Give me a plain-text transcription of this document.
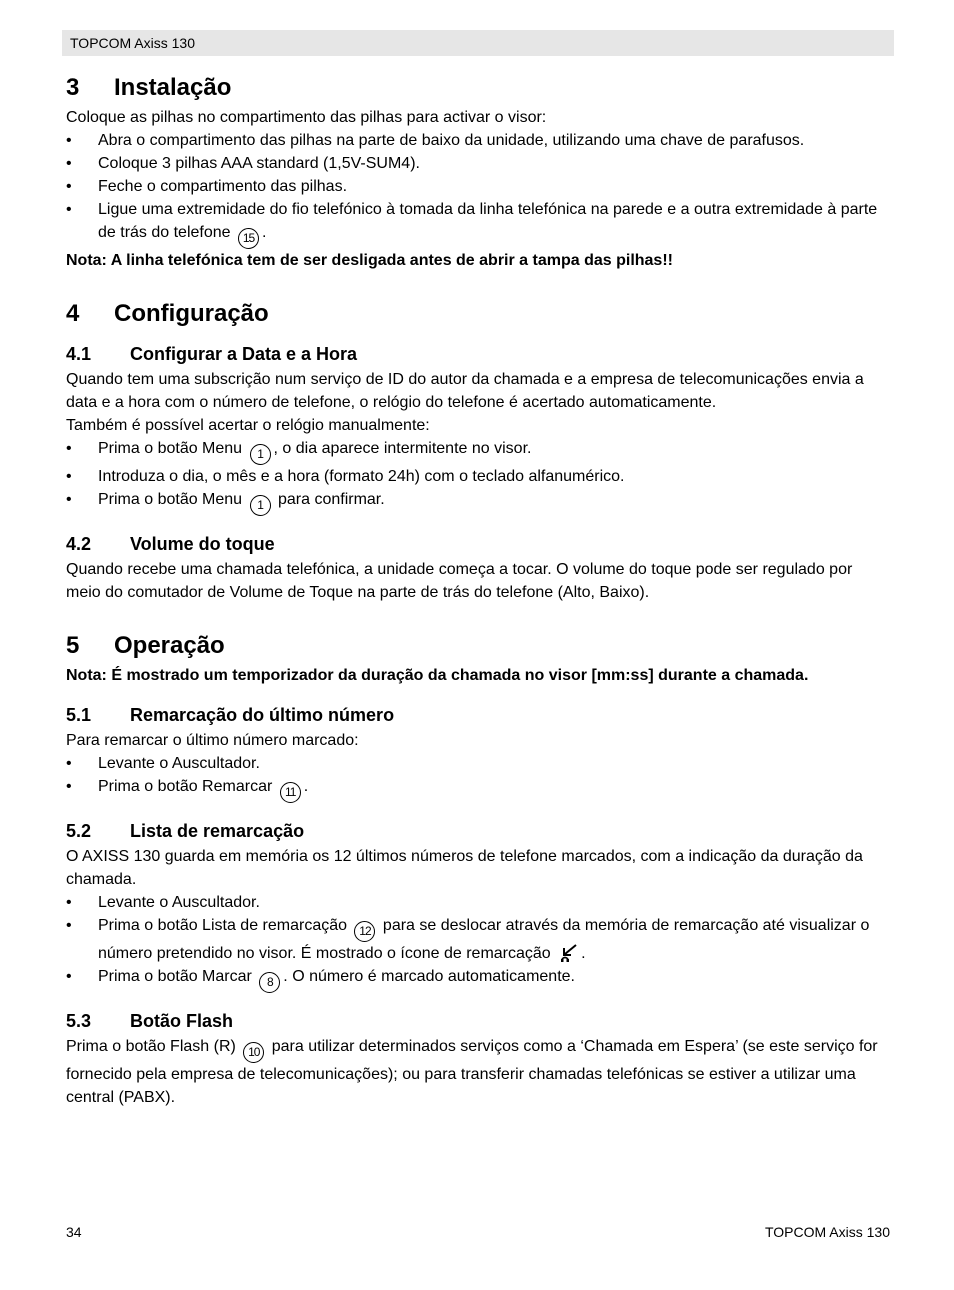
TOPCOM Axiss 130
3	Instalação

Coloque as pilhas no compartimento das pilhas para activar o visor:

• Abra o compartimento das pilhas na parte de baixo da unidade, utilizando uma chave de parafusos.
• Coloque 3 pilhas AAA standard (1,5V-SUM4).
• Feche o compartimento das pilhas.
• Ligue uma extremidade do fio telefónico à tomada da linha telefónica na parede e a outra extremidade à parte de trás do telefone 15 .

Nota: A linha telefónica tem de ser desligada antes de abrir a tampa das pilhas!!

4	Configuração
4.1	Configurar a Data e a Hora

Quando tem uma subscrição num serviço de ID do autor da chamada e a empresa de telecomunicações envia a data e a hora com o número de telefone, o relógio do telefone é acertado automaticamente.

Também é possível acertar o relógio manualmente:

• Prima o botão Menu 1 , o dia aparece intermitente no visor.
• Introduza o dia, o mês e a hora (formato 24h) com o teclado alfanumérico.
• Prima o botão Menu 1 para confirmar.
4.2	Volume do toque

Quando recebe uma chamada telefónica, a unidade começa a tocar. O volume do toque pode ser regulado por meio do comutador de Volume de Toque na parte de trás do telefone (Alto, Baixo).

5	Operação

Nota: É mostrado um temporizador da duração da chamada no visor [mm:ss] durante a chamada.

5.1	Remarcação do último número

Para remarcar o último número marcado:

• Levante o Auscultador.
• Prima o botão Remarcar 11 .
5.2	Lista de remarcação

O AXISS 130 guarda em memória os 12 últimos números de telefone marcados, com a indicação da duração da chamada.

• Levante o Auscultador.
• Prima o botão Lista de remarcação 12 para se deslocar através da memória de remarcação até visualizar o número pretendido no visor. É mostrado o ícone de remarcação .
• Prima o botão Marcar 8 . O número é marcado automaticamente.
5.3	Botão Flash

Prima o botão Flash (R) 10 para utilizar determinados serviços como a ‘Chamada em Espera’ (se este serviço for fornecido pela empresa de telecomunicações); ou para transferir chamadas telefónicas se estiver a utilizar uma central (PABX).

34	TOPCOM Axiss 130
